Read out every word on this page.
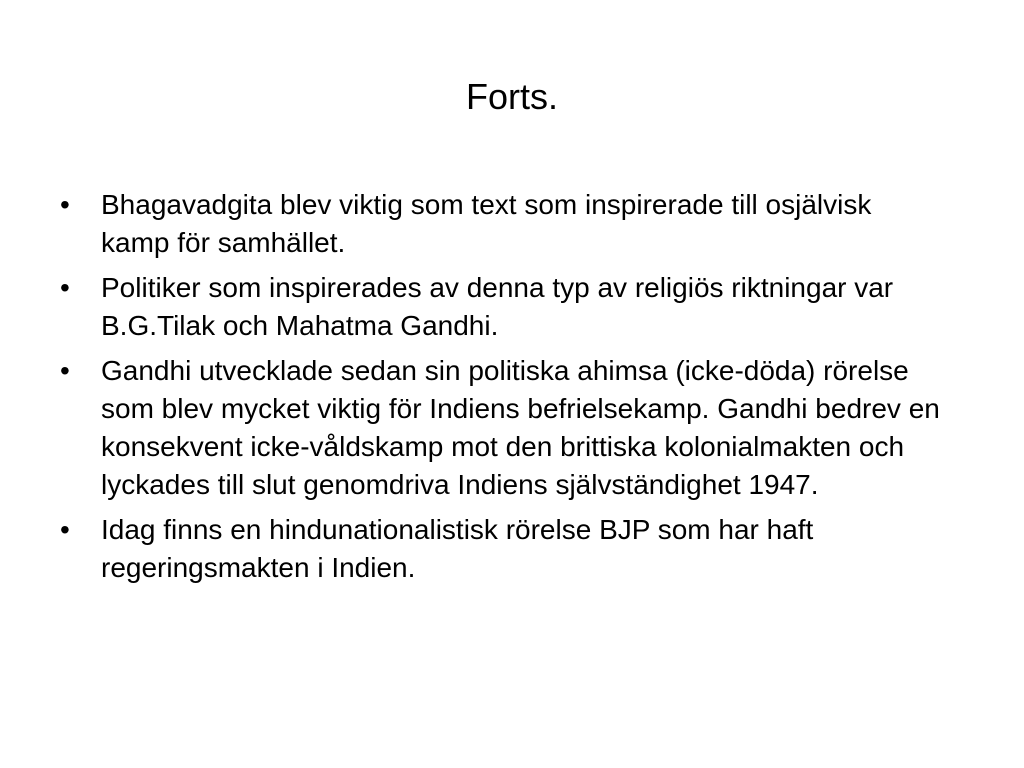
Forts.
•	Bhagavadgita blev viktig som text som inspirerade till osjälvisk kamp för samhället.
•	Politiker som inspirerades av denna typ av religiös riktningar var B.G.Tilak och Mahatma Gandhi.
•	Gandhi utvecklade sedan sin politiska ahimsa (icke-döda) rörelse som blev mycket viktig för Indiens befrielsekamp. Gandhi bedrev en konsekvent icke-våldskamp mot den brittiska kolonialmakten och lyckades till slut genomdriva Indiens självständighet 1947.
•	Idag finns en hindunationalistisk rörelse BJP som har haft regeringsmakten i Indien.
